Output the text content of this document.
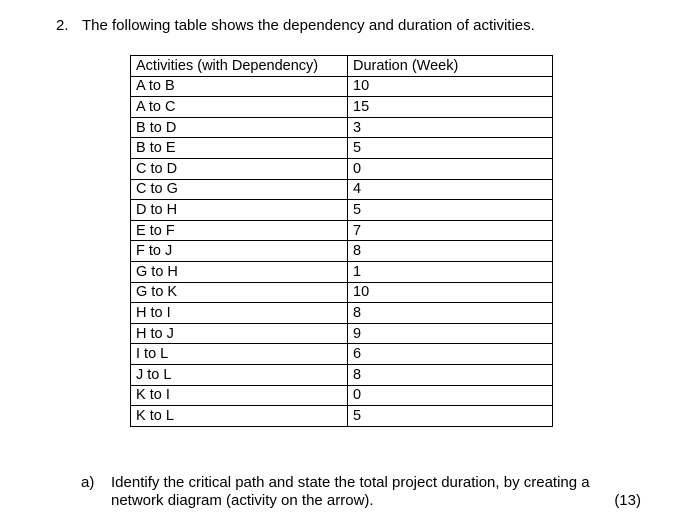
2. The following table shows the dependency and duration of activities.
Activities (with Dependency)	Duration (Week)
A to B	10
A to C	15
B to D	3
B to E	5
C to D	0
C to G	4
D to H	5
E to F	7
F to J	8
G to H	1
G to K	10
H to I	8
H to J	9
I to L	6
J to L	8
K to I	0
K to L	5
a) Identify the critical path and state the total project duration, by creating a network diagram (activity on the arrow).	(13)
